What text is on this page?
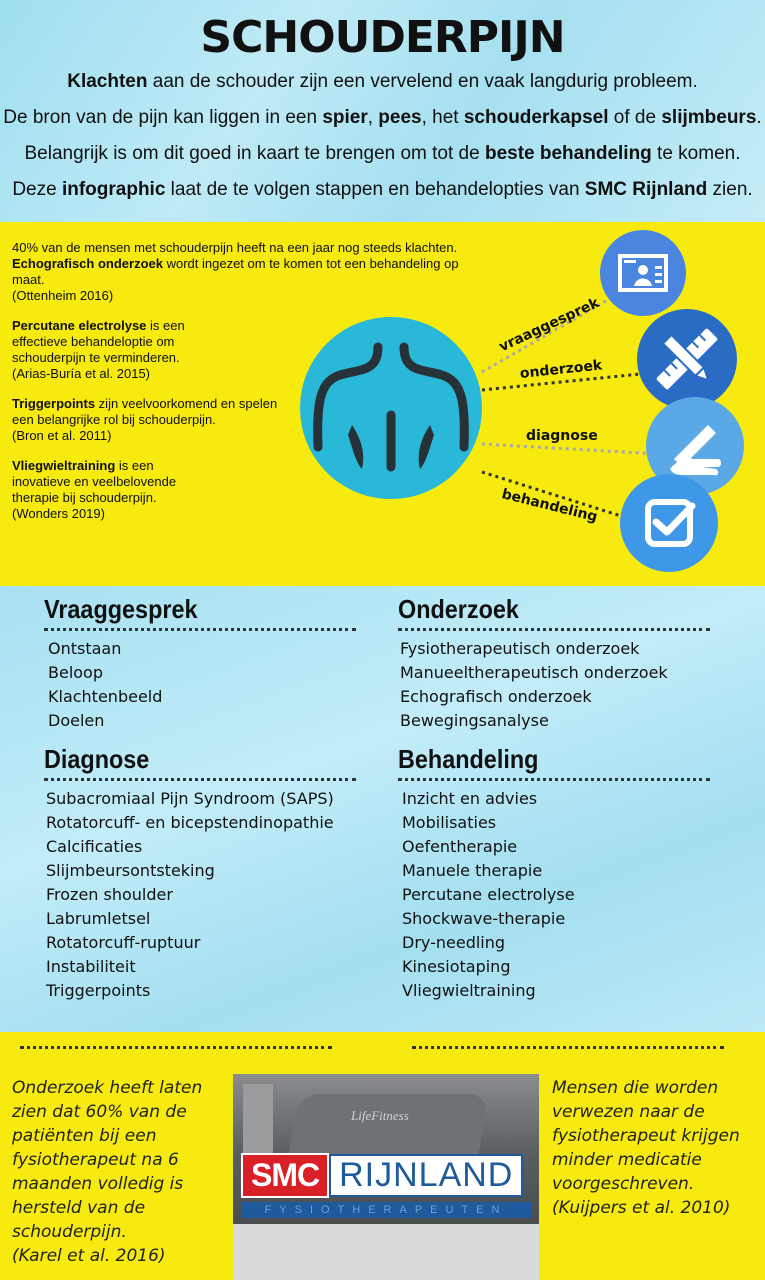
SCHOUDERPIJN
Klachten aan de schouder zijn een vervelend en vaak langdurig probleem.
De bron van de pijn kan liggen in een spier, pees, het schouderkapsel of de slijmbeurs.
Belangrijk is om dit goed in kaart te brengen om tot de beste behandeling te komen.
Deze infographic laat de te volgen stappen en behandelopties van SMC Rijnland zien.
40% van de mensen met schouderpijn heeft na een jaar nog steeds klachten. Echografisch onderzoek wordt ingezet om te komen tot een behandeling op maat.
(Ottenheim 2016)
Percutane electrolyse is een effectieve behandeloptie om schouderpijn te verminderen.
(Arias-Buría et al. 2015)
Triggerpoints zijn veelvoorkomend en spelen een belangrijke rol bij schouderpijn.
(Bron et al. 2011)
Vliegwieltraining is een inovatieve en veelbelovende therapie bij schouderpijn.
(Wonders 2019)
vraaggesprek
onderzoek
diagnose
behandeling
Vraaggesprek
Ontstaan
Beloop
Klachtenbeeld
Doelen
Onderzoek
Fysiotherapeutisch onderzoek
Manueeltherapeutisch onderzoek
Echografisch onderzoek
Bewegingsanalyse
Diagnose
Subacromiaal Pijn Syndroom (SAPS)
Rotatorcuff- en bicepstendinopathie
Calcificaties
Slijmbeursontsteking
Frozen shoulder
Labrumletsel
Rotatorcuff-ruptuur
Instabiliteit
Triggerpoints
Behandeling
Inzicht en advies
Mobilisaties
Oefentherapie
Manuele therapie
Percutane electrolyse
Shockwave-therapie
Dry-needling
Kinesiotaping
Vliegwieltraining
Onderzoek heeft laten zien dat 60% van de patiënten bij een fysiotherapeut na 6 maanden volledig is hersteld van de schouderpijn.
(Karel et al. 2016)
LifeFitness
SMC RIJNLAND
FYSIOTHERAPEUTEN
Mensen die worden verwezen naar de fysiotherapeut krijgen minder medicatie voorgeschreven.
(Kuijpers et al. 2010)
